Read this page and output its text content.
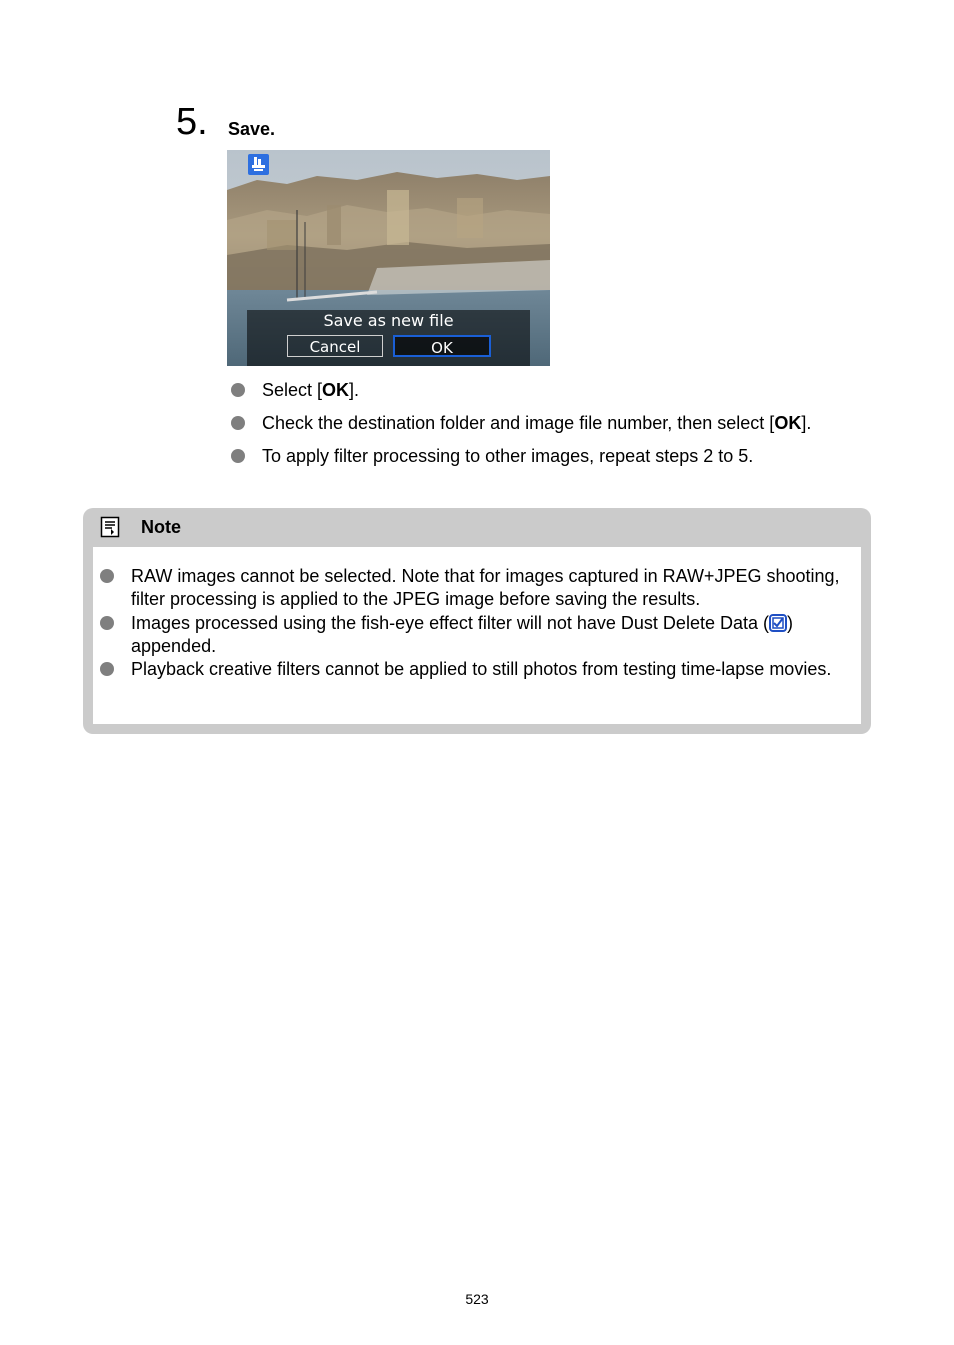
5. Save.
Save as new file
Cancel	OK
Select [OK].
Check the destination folder and image file number, then select [OK].
To apply filter processing to other images, repeat steps 2 to 5.
Note
RAW images cannot be selected. Note that for images captured in RAW+JPEG shooting, filter processing is applied to the JPEG image before saving the results.
Images processed using the fish-eye effect filter will not have Dust Delete Data ( ) appended.
Playback creative filters cannot be applied to still photos from testing time-lapse movies.
523
